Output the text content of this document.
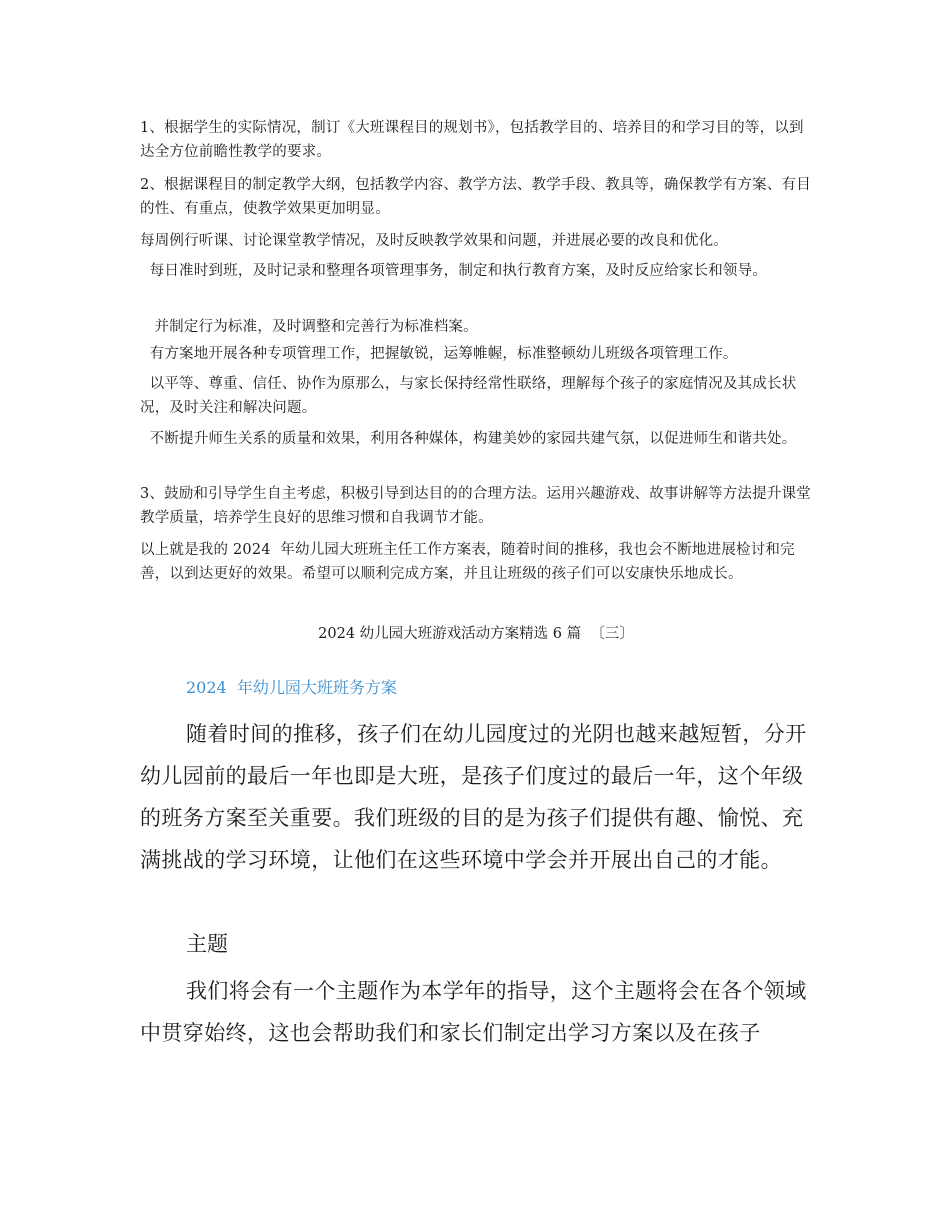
1、根据学生的实际情况，制订《大班课程目的规划书》，包括教学目的、培养目的和学习目的等，以到达全方位前瞻性教学的要求。

2、根据课程目的制定教学大纲，包括教学内容、教学方法、教学手段、教具等，确保教学有方案、有目的性、有重点，使教学效果更加明显。

每周例行听课、讨论课堂教学情况，及时反映教学效果和问题，并进展必要的改良和优化。

每日准时到班，及时记录和整理各项管理事务，制定和执行教育方案，及时反应给家长和领导。

并制定行为标准，及时调整和完善行为标准档案。

有方案地开展各种专项管理工作，把握敏锐，运筹帷幄，标准整顿幼儿班级各项管理工作。

以平等、尊重、信任、协作为原那么，与家长保持经常性联络，理解每个孩子的家庭情况及其成长状况，及时关注和解决问题。

不断提升师生关系的质量和效果，利用各种媒体，构建美妙的家园共建气氛，以促进师生和谐共处。

3、鼓励和引导学生自主考虑，积极引导到达目的的合理方法。运用兴趣游戏、故事讲解等方法提升课堂教学质量，培养学生良好的思维习惯和自我调节才能。

以上就是我的 2024  年幼儿园大班班主任工作方案表，随着时间的推移，我也会不断地进展检讨和完善，以到达更好的效果。希望可以顺利完成方案，并且让班级的孩子们可以安康快乐地成长。

2024 幼儿园大班游戏活动方案精选 6 篇  〔三〕

2024  年幼儿园大班班务方案

随着时间的推移，孩子们在幼儿园度过的光阴也越来越短暂，分开幼儿园前的最后一年也即是大班，是孩子们度过的最后一年，这个年级的班务方案至关重要。我们班级的目的是为孩子们提供有趣、愉悦、充满挑战的学习环境，让他们在这些环境中学会并开展出自己的才能。

主题

我们将会有一个主题作为本学年的指导，这个主题将会在各个领域中贯穿始终，这也会帮助我们和家长们制定出学习方案以及在孩子
